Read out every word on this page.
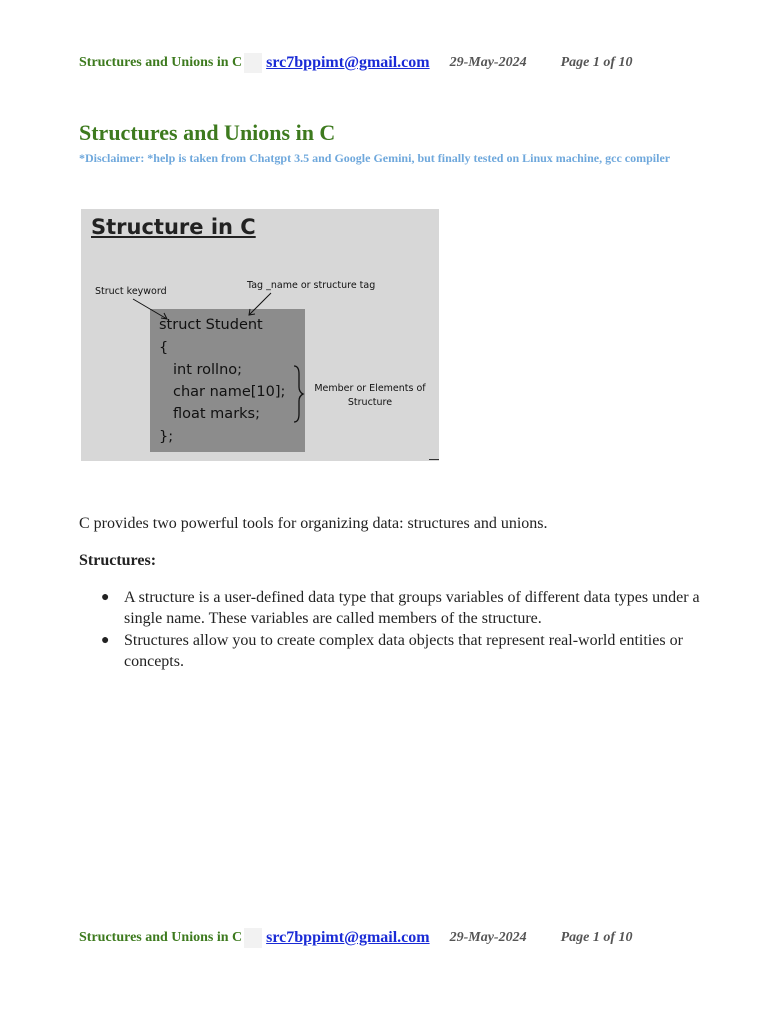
Structures and Unions in C src7bppimt@gmail.com 29-May-2024 Page 1 of 10
Structures and Unions in C

*Disclaimer: *help is taken from Chatgpt 3.5 and Google Gemini, but finally tested on Linux machine, gcc compiler

Structure in C
Struct keyword
Tag _name or structure tag
struct Student
{
int rollno;
char name[10];
float marks;
};
Member or Elements of
Structure

C provides two powerful tools for organizing data: structures and unions.

Structures:

● A structure is a user-defined data type that groups variables of different data types under a single name. These variables are called members of the structure.
● Structures allow you to create complex data objects that represent real-world entities or concepts.
Structures and Unions in C src7bppimt@gmail.com 29-May-2024 Page 1 of 10
